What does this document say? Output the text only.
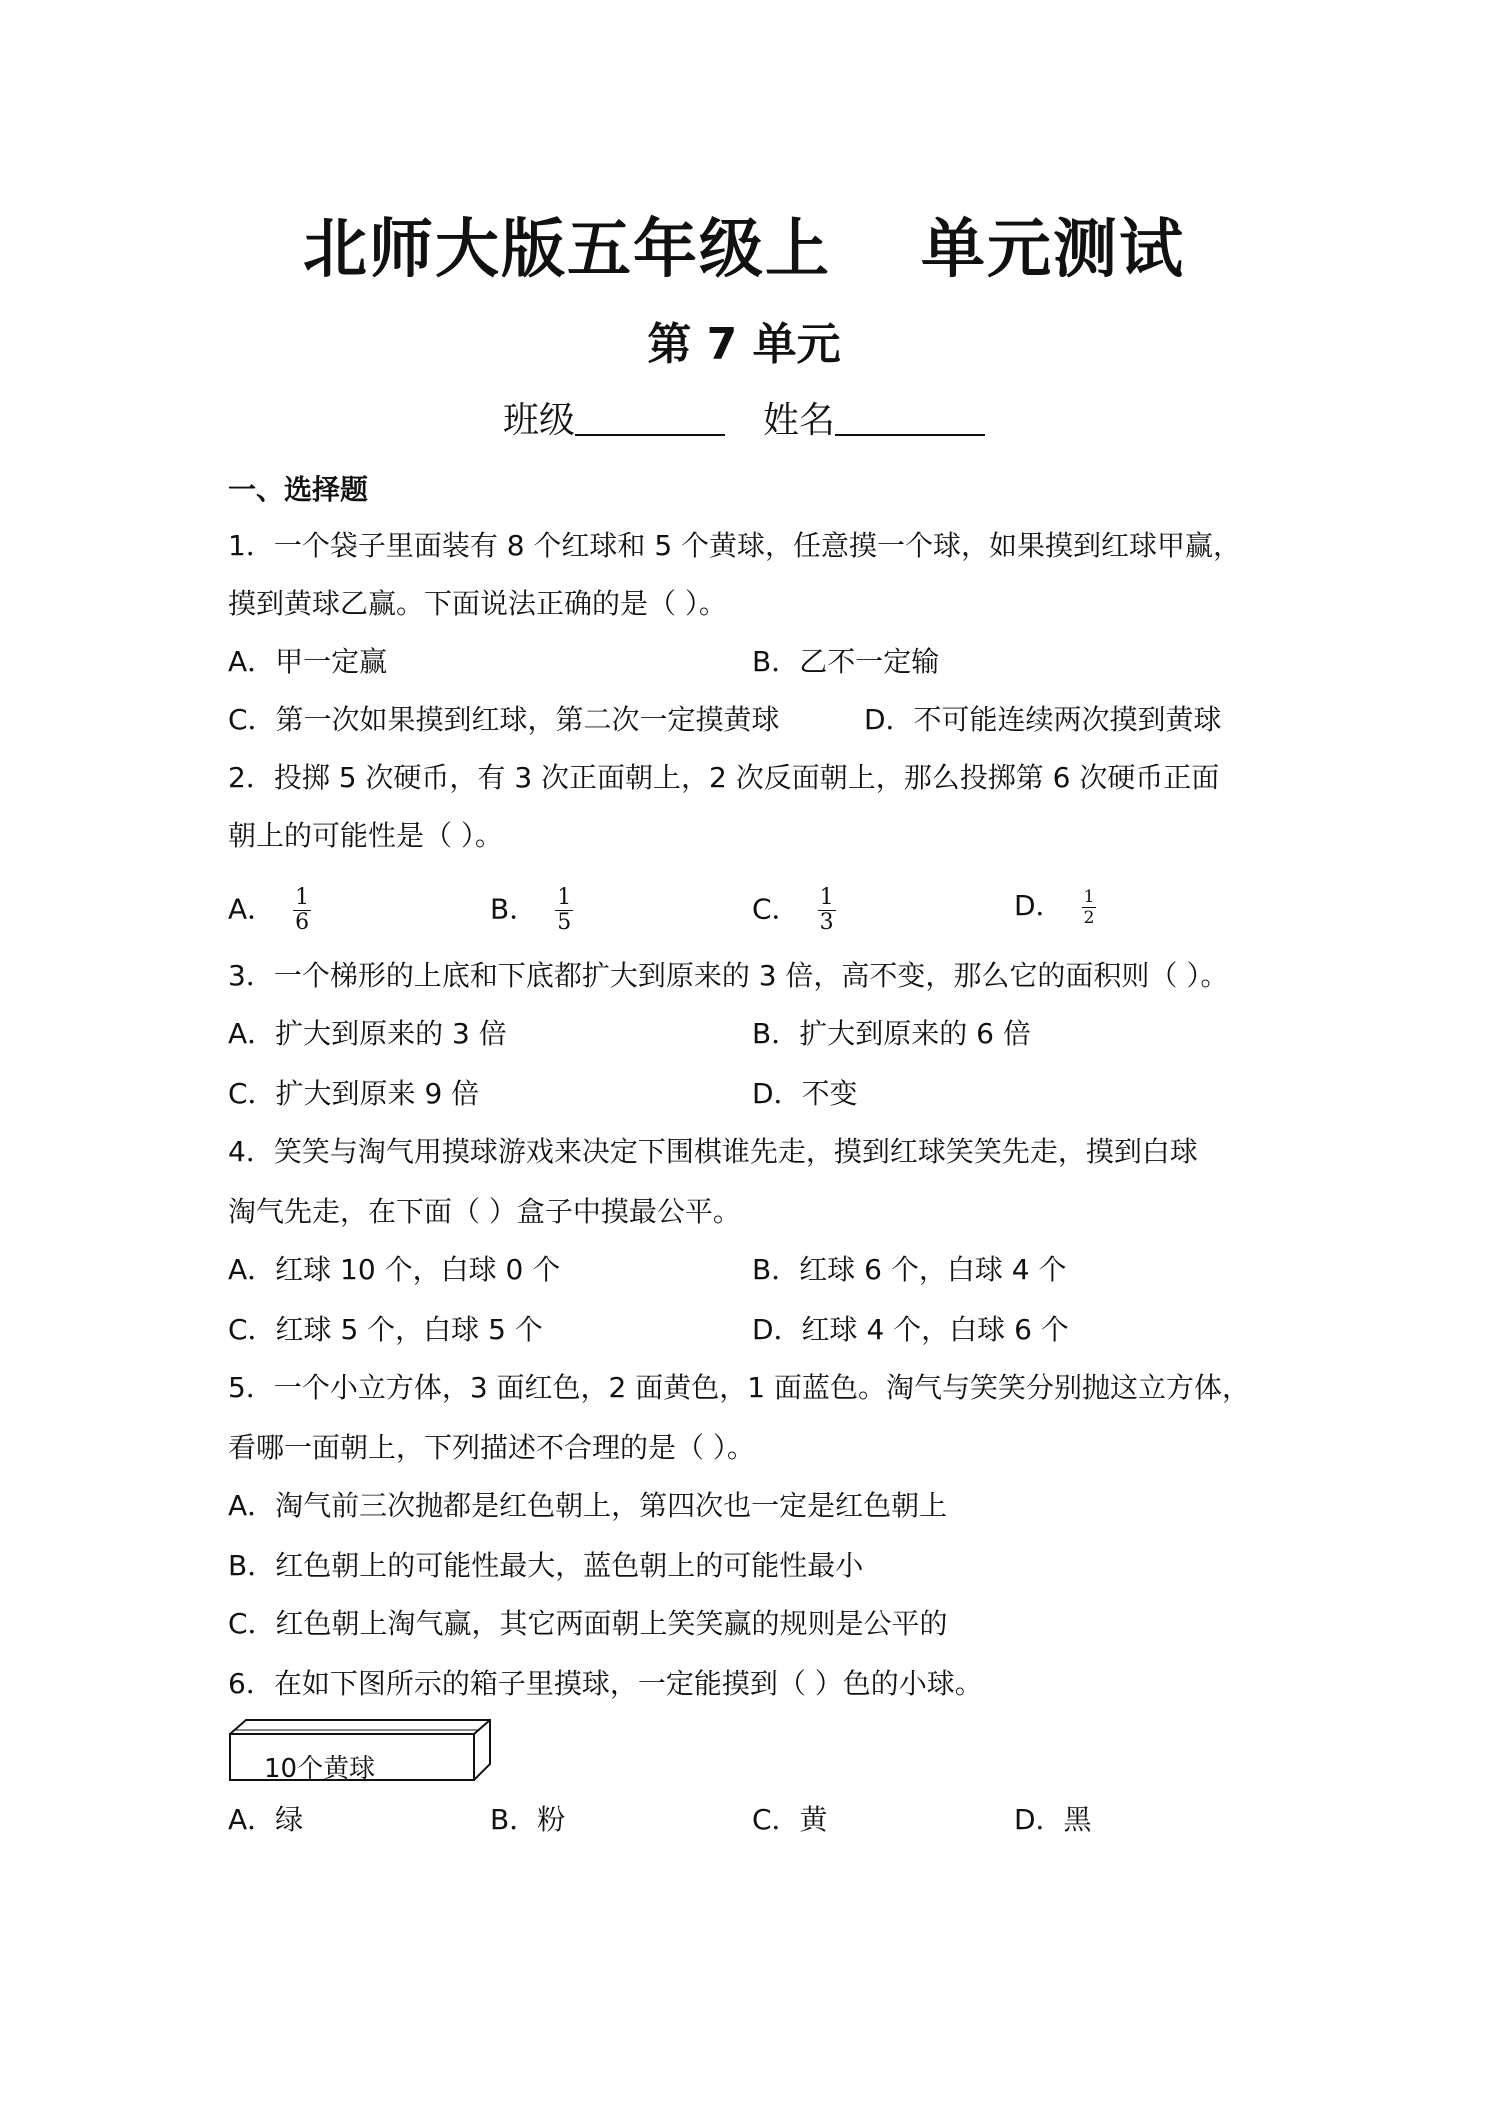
北师大版五年级上 单元测试
第 7 单元
班级	姓名
一、选择题
1．一个袋子里面装有 8 个红球和 5 个黄球，任意摸一个球，如果摸到红球甲赢，
摸到黄球乙赢。下面说法正确的是（ ）。
A．甲一定赢	B．乙不一定输
C．第一次如果摸到红球，第二次一定摸黄球	D．不可能连续两次摸到黄球
2．投掷 5 次硬币，有 3 次正面朝上，2 次反面朝上，那么投掷第 6 次硬币正面
朝上的可能性是（ ）。
A． $\frac{1}{6}$	B． $\frac{1}{5}$	C． $\frac{1}{3}$	D． $\frac{1}{2}$
3．一个梯形的上底和下底都扩大到原来的 3 倍，高不变，那么它的面积则（ ）。
A．扩大到原来的 3 倍	B．扩大到原来的 6 倍
C．扩大到原来 9 倍	D．不变
4．笑笑与淘气用摸球游戏来决定下围棋谁先走，摸到红球笑笑先走，摸到白球
淘气先走，在下面（ ）盒子中摸最公平。
A．红球 10 个，白球 0 个	B．红球 6 个，白球 4 个
C．红球 5 个，白球 5 个	D．红球 4 个，白球 6 个
5．一个小立方体，3 面红色，2 面黄色，1 面蓝色。淘气与笑笑分别抛这立方体，
看哪一面朝上，下列描述不合理的是（ ）。
A．淘气前三次抛都是红色朝上，第四次也一定是红色朝上
B．红色朝上的可能性最大，蓝色朝上的可能性最小
C．红色朝上淘气赢，其它两面朝上笑笑赢的规则是公平的
6．在如下图所示的箱子里摸球，一定能摸到（ ）色的小球。
10个黄球
A．绿	B．粉	C．黄	D．黑
